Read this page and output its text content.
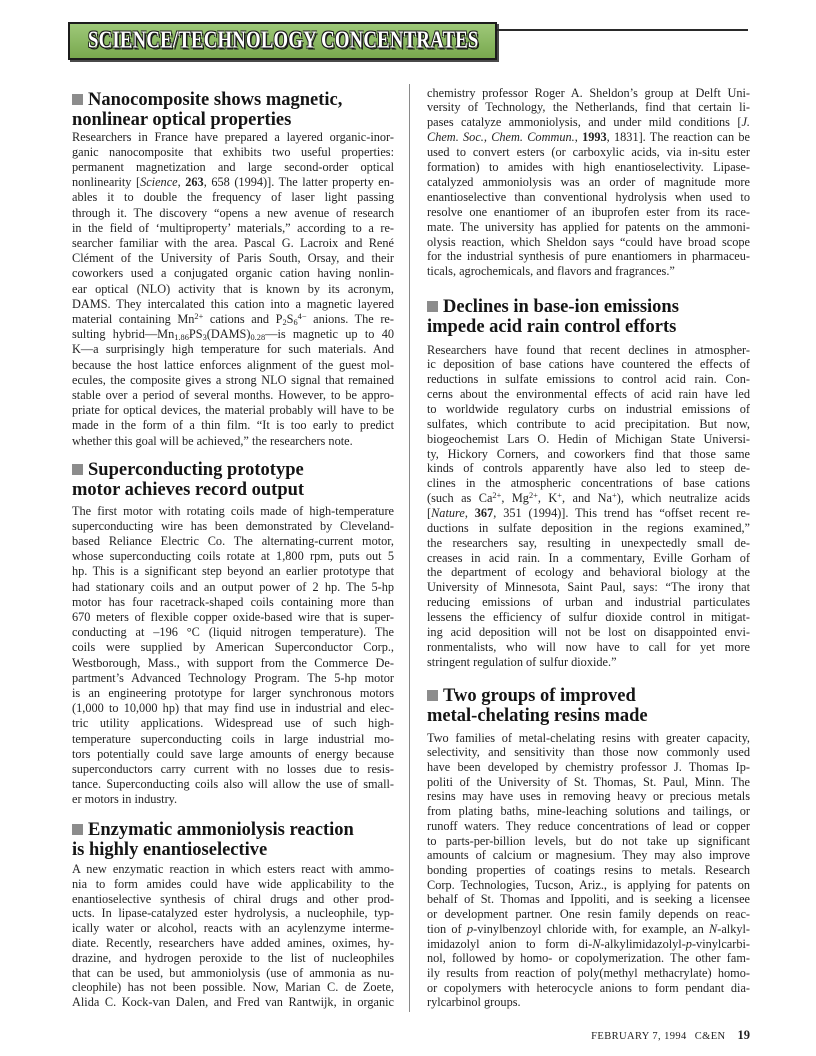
SCIENCE/TECHNOLOGY CONCENTRATES
Nanocomposite shows magnetic,
nonlinear optical properties
Researchers in France have prepared a layered organic-inor-
ganic nanocomposite that exhibits two useful properties:
permanent magnetization and large second-order optical
nonlinearity [Science, 263, 658 (1994)]. The latter property en-
ables it to double the frequency of laser light passing
through it. The discovery “opens a new avenue of research
in the field of ‘multiproperty’ materials,” according to a re-
searcher familiar with the area. Pascal G. Lacroix and René
Clément of the University of Paris South, Orsay, and their
coworkers used a conjugated organic cation having nonlin-
ear optical (NLO) activity that is known by its acronym,
DAMS. They intercalated this cation into a magnetic layered
material containing $Mn^{2+}$ cations and $P2S6^{4-}$ anions. The re-
sulting hybrid—Mn1.86PS3(DAMS)0.28—is magnetic up to 40
K—a surprisingly high temperature for such materials. And
because the host lattice enforces alignment of the guest mol-
ecules, the composite gives a strong NLO signal that remained
stable over a period of several months. However, to be appro-
priate for optical devices, the material probably will have to be
made in the form of a thin film. “It is too early to predict
whether this goal will be achieved,” the researchers note.
Superconducting prototype
motor achieves record output
The first motor with rotating coils made of high-temperature
superconducting wire has been demonstrated by Cleveland-
based Reliance Electric Co. The alternating-current motor,
whose superconducting coils rotate at 1,800 rpm, puts out 5
hp. This is a significant step beyond an earlier prototype that
had stationary coils and an output power of 2 hp. The 5-hp
motor has four racetrack-shaped coils containing more than
670 meters of flexible copper oxide-based wire that is super-
conducting at –196 °C (liquid nitrogen temperature). The
coils were supplied by American Superconductor Corp.,
Westborough, Mass., with support from the Commerce De-
partment’s Advanced Technology Program. The 5-hp motor
is an engineering prototype for larger synchronous motors
(1,000 to 10,000 hp) that may find use in industrial and elec-
tric utility applications. Widespread use of such high-
temperature superconducting coils in large industrial mo-
tors potentially could save large amounts of energy because
superconductors carry current with no losses due to resis-
tance. Superconducting coils also will allow the use of small-
er motors in industry.
Enzymatic ammoniolysis reaction
is highly enantioselective
A new enzymatic reaction in which esters react with ammo-
nia to form amides could have wide applicability to the
enantioselective synthesis of chiral drugs and other prod-
ucts. In lipase-catalyzed ester hydrolysis, a nucleophile, typ-
ically water or alcohol, reacts with an acylenzyme interme-
diate. Recently, researchers have added amines, oximes, hy-
drazine, and hydrogen peroxide to the list of nucleophiles
that can be used, but ammoniolysis (use of ammonia as nu-
cleophile) has not been possible. Now, Marian C. de Zoete,
Alida C. Kock-van Dalen, and Fred van Rantwijk, in organic
chemistry professor Roger A. Sheldon’s group at Delft Uni-
versity of Technology, the Netherlands, find that certain li-
pases catalyze ammoniolysis, and under mild conditions [J.
Chem. Soc., Chem. Commun., 1993, 1831]. The reaction can be
used to convert esters (or carboxylic acids, via in-situ ester
formation) to amides with high enantioselectivity. Lipase-
catalyzed ammoniolysis was an order of magnitude more
enantioselective than conventional hydrolysis when used to
resolve one enantiomer of an ibuprofen ester from its race-
mate. The university has applied for patents on the ammoni-
olysis reaction, which Sheldon says “could have broad scope
for the industrial synthesis of pure enantiomers in pharmaceu-
ticals, agrochemicals, and flavors and fragrances.”
Declines in base-ion emissions
impede acid rain control efforts
Researchers have found that recent declines in atmospher-
ic deposition of base cations have countered the effects of
reductions in sulfate emissions to control acid rain. Con-
cerns about the environmental effects of acid rain have led
to worldwide regulatory curbs on industrial emissions of
sulfates, which contribute to acid precipitation. But now,
biogeochemist Lars O. Hedin of Michigan State Universi-
ty, Hickory Corners, and coworkers find that those same
kinds of controls apparently have also led to steep de-
clines in the atmospheric concentrations of base cations
(such as $Ca^{2+}$, $Mg^{2+}$, K+, and Na+), which neutralize acids
[Nature, 367, 351 (1994)]. This trend has “offset recent re-
ductions in sulfate deposition in the regions examined,”
the researchers say, resulting in unexpectedly small de-
creases in acid rain. In a commentary, Eville Gorham of
the department of ecology and behavioral biology at the
University of Minnesota, Saint Paul, says: “The irony that
reducing emissions of urban and industrial particulates
lessens the efficiency of sulfur dioxide control in mitigat-
ing acid deposition will not be lost on disappointed envi-
ronmentalists, who will now have to call for yet more
stringent regulation of sulfur dioxide.”
Two groups of improved
metal-chelating resins made
Two families of metal-chelating resins with greater capacity,
selectivity, and sensitivity than those now commonly used
have been developed by chemistry professor J. Thomas Ip-
politi of the University of St. Thomas, St. Paul, Minn. The
resins may have uses in removing heavy or precious metals
from plating baths, mine-leaching solutions and tailings, or
runoff waters. They reduce concentrations of lead or copper
to parts-per-billion levels, but do not take up significant
amounts of calcium or magnesium. They may also improve
bonding properties of coatings resins to metals. Research
Corp. Technologies, Tucson, Ariz., is applying for patents on
behalf of St. Thomas and Ippoliti, and is seeking a licensee
or development partner. One resin family depends on reac-
tion of p-vinylbenzoyl chloride with, for example, an N-alkyl-
imidazolyl anion to form di-N-alkylimidazolyl-p-vinylcarbi-
nol, followed by homo- or copolymerization. The other fam-
ily results from reaction of poly(methyl methacrylate) homo-
or copolymers with heterocycle anions to form pendant dia-
rylcarbinol groups.
FEBRUARY 7, 1994 C&EN 19
